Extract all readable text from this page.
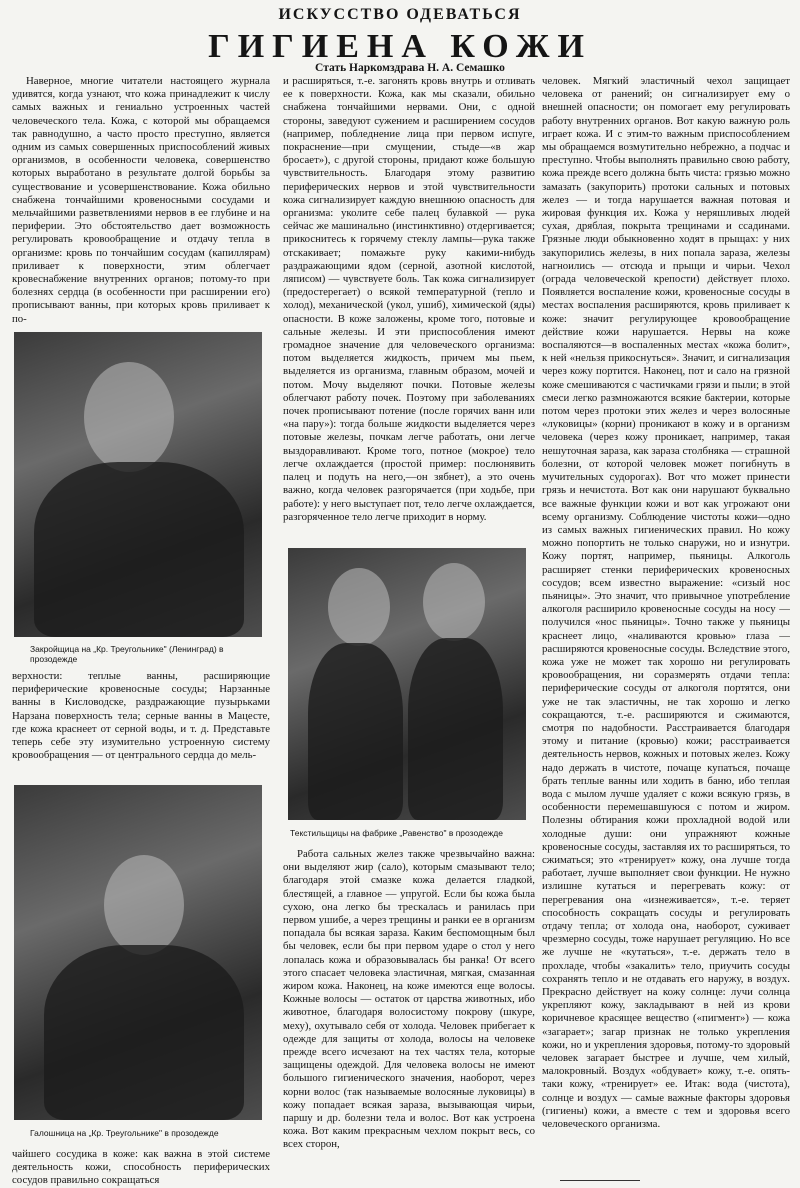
ИСКУССТВО ОДЕВАТЬСЯ
ГИГИЕНА КОЖИ
Стать Наркомздрава Н. А. Семашко
Наверное, многие читатели настоящего журнала удивятся, когда узнают, что кожа принадлежит к числу самых важных и гениально устроенных частей человеческого тела. Кожа, с которой мы обращаемся так равнодушно, а часто просто преступно, является одним из самых совершенных приспособлений живых организмов, в особенности человека, совершенство которых выработано в результате долгой борьбы за существование и усовершенствование. Кожа обильно снабжена тончайшими кровеносными сосудами и мельчайшими разветвлениями нервов в ее глубине и на периферии. Это обстоятельство дает возможность регулировать кровообращение и отдачу тепла в организме: кровь по тончайшим сосудам (капиллярам) приливает к поверхности, этим облегчает кровеснабжение внутренних органов; потому-то при болезнях сердца (в особенности при расширении его) прописывают ванны, при которых кровь приливает к по-
Закройщица на „Кр. Треугольнике" (Ленинград) в прозодежде
верхности: теплые ванны, расширяющие периферические кровеносные сосуды; Нарзанные ванны в Кисловодске, раздражающие пузырьками Нарзана поверхность тела; серные ванны в Мацесте, где кожа краснеет от серной воды, и т. д. Представьте теперь себе эту изумительно устроенную систему кровообращения — от центрального сердца до мель-
Галошница на „Кр. Треугольнике" в прозодежде
чайшего сосудика в коже: как важна в этой системе деятельность кожи, способность периферических сосудов правильно сокращаться
и расширяться, т.-е. загонять кровь внутрь и отливать ее к поверхности. Кожа, как мы сказали, обильно снабжена тончайшими нервами. Они, с одной стороны, заведуют сужением и расширением сосудов (например, побледнение лица при первом испуге, покраснение—при смущении, стыде—«в жар бросает»), с другой стороны, придают коже большую чувствительность. Благодаря этому развитию периферических нервов и этой чувствительности кожа сигнализирует каждую внешнюю опасность для организма: уколите себе палец булавкой — рука сейчас же машинально (инстинктивно) отдергивается; прикоснитесь к горячему стеклу лампы—рука также отскакивает; помажьте руку какими-нибудь раздражающими ядом (серной, азотной кислотой, ляписом) — чувствуете боль. Так кожа сигнализирует (предостерегает) о всякой температурной (тепло и холод), механической (укол, ушиб), химической (яды) опасности. В коже заложены, кроме того, потовые и сальные железы. И эти приспособления имеют громадное значение для человеческого организма: потом выделяется жидкость, причем мы пьем, выделяется из организма, главным образом, мочей и потом. Мочу выделяют почки. Потовые железы облегчают работу почек. Поэтому при заболеваниях почек прописывают потение (после горячих ванн или «на пару»): тогда больше жидкости выделяется через потовые железы, почкам легче работать, они легче выздоравливают. Кроме того, потное (мокрое) тело легче охлаждается (простой пример: послюнявить палец и подуть на него,—он зябнет), а это очень важно, когда человек разгорячается (при ходьбе, при работе): у него выступает пот, тело легче охлаждается, разгоряченное тело легче приходит в норму.
Текстильщицы на фабрике „Равенство" в прозодежде
Работа сальных желез также чрезвычайно важна: они выделяют жир (сало), которым смазывают тело; благодаря этой смазке кожа делается гладкой, блестящей, а главное — упругой. Если бы кожа была сухою, она легко бы трескалась и ранилась при первом ушибе, а через трещины и ранки ее в организм попадала бы всякая зараза. Каким беспомощным был бы человек, если бы при первом ударе о стол у него лопалась кожа и образовывалась бы ранка! От всего этого спасает человека эластичная, мягкая, смазанная жиром кожа. Наконец, на коже имеются еще волосы. Кожные волосы — остаток от царства животных, ибо животное, благодаря волосистому покрову (шкуре, меху), охутывало себя от холода. Человек прибегает к одежде для защиты от холода, волосы на человеке прежде всего исчезают на тех частях тела, которые защищены одеждой. Для человека волосы не имеют большого гигиенического значения, наоборот, через корни волос (так называемые волосяные луковицы) в кожу попадает всякая зараза, вызывающая чирьи, паршу и др. болезни тела и волос. Вот как устроена кожа. Вот каким прекрасным чехлом покрыт весь, со всех сторон,
человек. Мягкий эластичный чехол защищает человека от ранений; он сигнализирует ему о внешней опасности; он помогает ему регулировать работу внутренних органов. Вот какую важную роль играет кожа. И с этим-то важным приспособлением мы обращаемся возмутительно небрежно, а подчас и преступно. Чтобы выполнять правильно свою работу, кожа прежде всего должна быть чиста: грязью можно замазать (закупорить) протоки сальных и потовых желез — и тогда нарушается важная потовая и жировая функция их. Кожа у неряшливых людей сухая, дряблая, покрыта трещинами и ссадинами. Грязные люди обыкновенно ходят в прыщах: у них закупорились железы, в них попала зараза, железы нагноились — отсюда и прыщи и чирьи. Чехол (ограда человеческой крепости) действует плохо. Появляется воспаление кожи, кровеносные сосуды в местах воспаления расширяются, кровь приливает к коже: значит регулирующее кровообращение действие кожи нарушается. Нервы на коже воспаляются—в воспаленных местах «кожа болит», к ней «нельзя прикоснуться». Значит, и сигнализация через кожу портится. Наконец, пот и сало на грязной коже смешиваются с частичками грязи и пыли; в этой смеси легко размножаются всякие бактерии, которые потом через протоки этих желез и через волосяные «луковицы» (корни) проникают в кожу и в организм человека (через кожу проникает, например, такая нешуточная зараза, как зараза столбняка — страшной болезни, от которой человек может погибнуть в мучительных судорогах). Вот что может принести грязь и нечистота. Вот как они нарушают буквально все важные функции кожи и вот как угрожают они всему организму. Соблюдение чистоты кожи—одно из самых важных гигиенических правил. Но кожу можно попортить не только снаружи, но и изнутри. Кожу портят, например, пьяницы. Алкоголь расширяет стенки периферических кровеносных сосудов; всем известно выражение: «сизый нос пьяницы». Это значит, что привычное употребление алкоголя расширило кровеносные сосуды на носу — получился «нос пьяницы». Точно также у пьяницы краснеет лицо, «наливаются кровью» глаза — расширяются кровеносные сосуды. Вследствие этого, кожа уже не может так хорошо ни регулировать кровообращения, ни соразмерять отдачи тепла: периферические сосуды от алкоголя портятся, они уже не так эластичны, не так хорошо и легко сокращаются, т.-е. расширяются и сжимаются, смотря по надобности. Расстраивается благодаря этому и питание (кровью) кожи; расстраивается деятельность нервов, кожных и потовых желез. Кожу надо держать в чистоте, почаще купаться, почаще брать теплые ванны или ходить в баню, ибо теплая вода с мылом лучше удаляет с кожи всякую грязь, в особенности перемешавшуюся с потом и жиром. Полезны обтирания кожи прохладной водой или холодные души: они упражняют кожные кровеносные сосуды, заставляя их то расширяться, то сжиматься; это «тренирует» кожу, она лучше тогда работает, лучше выполняет свои функции. Не нужно излишне кутаться и перегревать кожу: от перегревания она «изнеживается», т.-е. теряет способность сокращать сосуды и регулировать отдачу тепла; от холода она, наоборот, суживает чрезмерно сосуды, тоже нарушает регуляцию. Но все же лучше не «кутаться», т.-е. держать тело в прохладе, чтобы «закалить» тело, приучить сосуды сохранять тепло и не отдавать его наружу, в воздух. Прекрасно действует на кожу солнце: лучи солнца укрепляют кожу, закладывают в ней из крови коричневое красящее вещество («пигмент») — кожа «загарает»; загар признак не только укрепления кожи, но и укрепления здоровья, потому-то здоровый человек загарает быстрее и лучше, чем хилый, малокровный. Воздух «обдувает» кожу, т.-е. опять-таки кожу, «тренирует» ее. Итак: вода (чистота), солнце и воздух — самые важные факторы здоровья (гигиены) кожи, а вместе с тем и здоровья всего человеческого организма.
